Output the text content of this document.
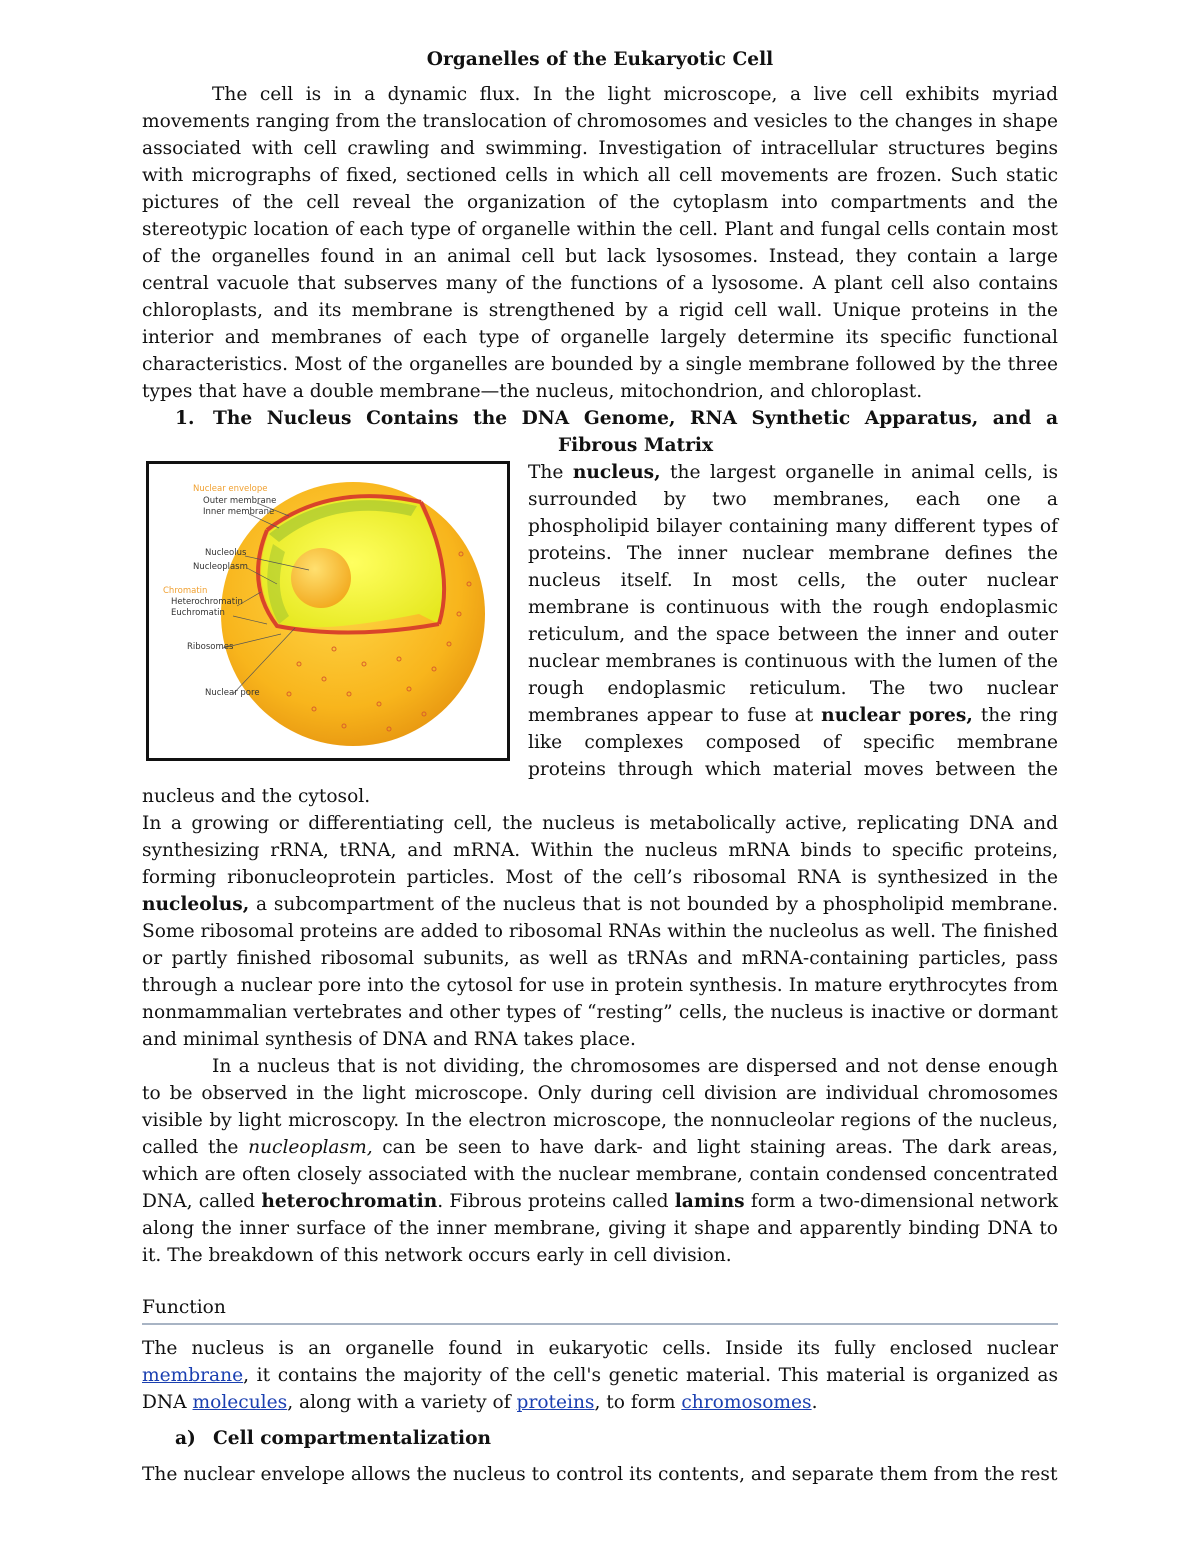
Organelles of the Eukaryotic Cell

The cell is in a dynamic flux. In the light microscope, a live cell exhibits myriad movements ranging from the translocation of chromosomes and vesicles to the changes in shape associated with cell crawling and swimming. Investigation of intracellular structures begins with micrographs of fixed, sectioned cells in which all cell movements are frozen. Such static pictures of the cell reveal the organization of the cytoplasm into compartments and the stereotypic location of each type of organelle within the cell. Plant and fungal cells contain most of the organelles found in an animal cell but lack lysosomes. Instead, they contain a large central vacuole that subserves many of the functions of a lysosome. A plant cell also contains chloroplasts, and its membrane is strengthened by a rigid cell wall. Unique proteins in the interior and membranes of each type of organelle largely determine its specific functional characteristics. Most of the organelles are bounded by a single membrane followed by the three types that have a double membrane—the nucleus, mitochondrion, and chloroplast.

1. The Nucleus Contains the DNA Genome, RNA Synthetic Apparatus, and a Fibrous Matrix
Nuclear envelope
Outer membrane
Inner membrane
Nucleolus
Nucleoplasm
Chromatin
Heterochromatin
Euchromatin
Ribosomes
Nuclear pore

The nucleus, the largest organelle in animal cells, is surrounded by two membranes, each one a phospholipid bilayer containing many different types of proteins. The inner nuclear membrane defines the nucleus itself. In most cells, the outer nuclear membrane is continuous with the rough endoplasmic reticulum, and the space between the inner and outer nuclear membranes is continuous with the lumen of the rough endoplasmic reticulum. The two nuclear membranes appear to fuse at nuclear pores, the ring like complexes composed of specific membrane proteins through which material moves between the nucleus and the cytosol.

In a growing or differentiating cell, the nucleus is metabolically active, replicating DNA and synthesizing rRNA, tRNA, and mRNA. Within the nucleus mRNA binds to specific proteins, forming ribonucleoprotein particles. Most of the cell’s ribosomal RNA is synthesized in the nucleolus, a subcompartment of the nucleus that is not bounded by a phospholipid membrane. Some ribosomal proteins are added to ribosomal RNAs within the nucleolus as well. The finished or partly finished ribosomal subunits, as well as tRNAs and mRNA-containing particles, pass through a nuclear pore into the cytosol for use in protein synthesis. In mature erythrocytes from nonmammalian vertebrates and other types of “resting” cells, the nucleus is inactive or dormant and minimal synthesis of DNA and RNA takes place.

In a nucleus that is not dividing, the chromosomes are dispersed and not dense enough to be observed in the light microscope. Only during cell division are individual chromosomes visible by light microscopy. In the electron microscope, the nonnucleolar regions of the nucleus, called the nucleoplasm, can be seen to have dark- and light staining areas. The dark areas, which are often closely associated with the nuclear membrane, contain condensed concentrated DNA, called heterochromatin. Fibrous proteins called lamins form a two-dimensional network along the inner surface of the inner membrane, giving it shape and apparently binding DNA to it. The breakdown of this network occurs early in cell division.

Function

The nucleus is an organelle found in eukaryotic cells. Inside its fully enclosed nuclear membrane, it contains the majority of the cell's genetic material. This material is organized as DNA molecules, along with a variety of proteins, to form chromosomes.

a) Cell compartmentalization

The nuclear envelope allows the nucleus to control its contents, and separate them from the rest
